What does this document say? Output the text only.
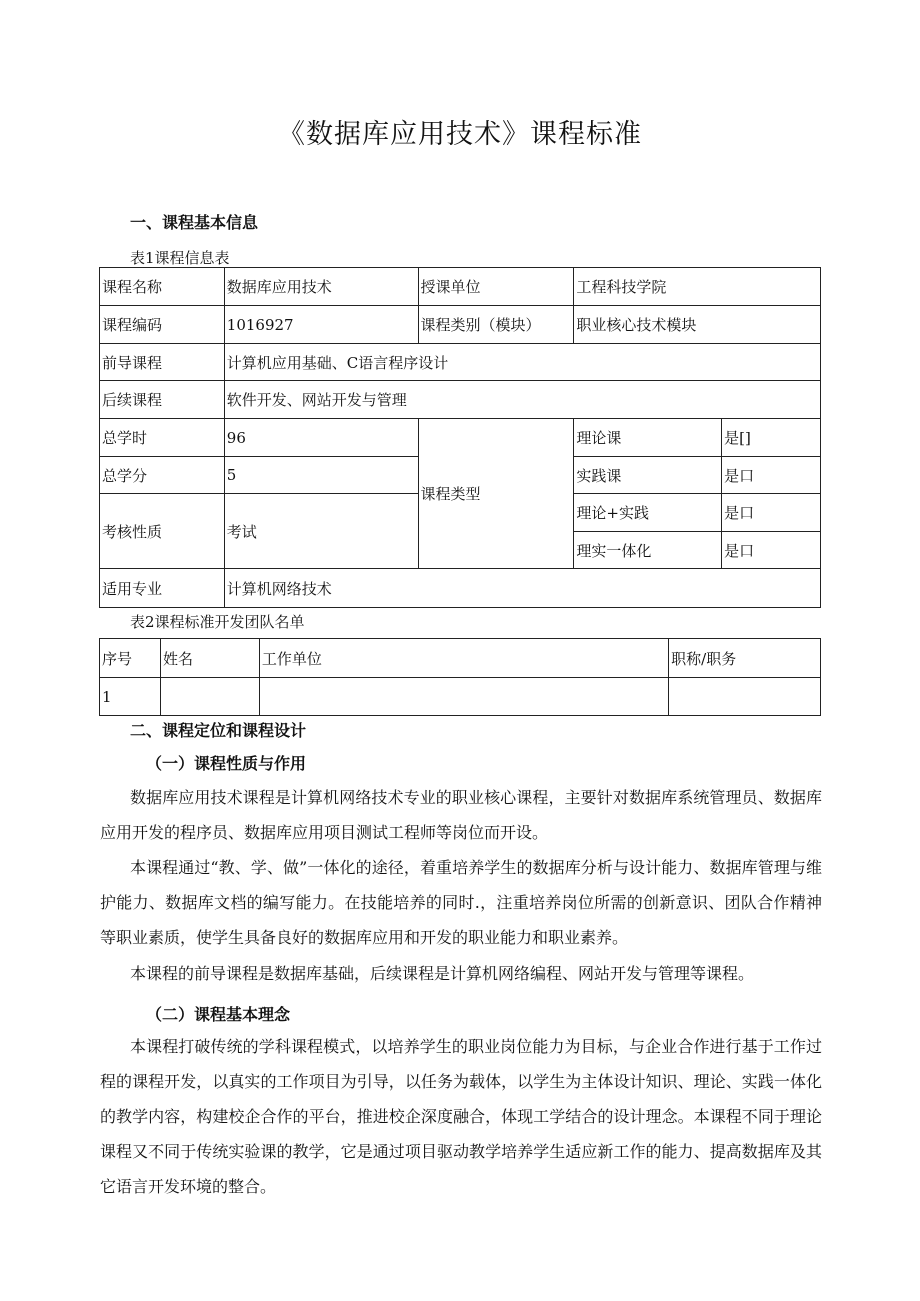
《数据库应用技术》课程标准
一、课程基本信息
表1课程信息表
课程名称	数据库应用技术	授课单位	工程科技学院	
课程编码	1016927	课程类别（模块）	职业核心技术模块	
前导课程	计算机应用基础、C语言程序设计			
后续课程	软件开发、网站开发与管理			
总学时	96	课程类型	理论课	是[]
总学分	5		实践课	是口
考核性质	考试		理论+实践	是口
			理实一体化	是口
适用专业	计算机网络技术			
表2课程标准开发团队名单
序号	姓名	工作单位	职称/职务
1			
二、课程定位和课程设计
（一）课程性质与作用

数据库应用技术课程是计算机网络技术专业的职业核心课程，主要针对数据库系统管理员、数据库应用开发的程序员、数据库应用项目测试工程师等岗位而开设。

本课程通过“教、学、做”一体化的途径，着重培养学生的数据库分析与设计能力、数据库管理与维护能力、数据库文档的编写能力。在技能培养的同时.，注重培养岗位所需的创新意识、团队合作精神等职业素质，使学生具备良好的数据库应用和开发的职业能力和职业素养。

本课程的前导课程是数据库基础，后续课程是计算机网络编程、网站开发与管理等课程。

（二）课程基本理念

本课程打破传统的学科课程模式，以培养学生的职业岗位能力为目标，与企业合作进行基于工作过程的课程开发，以真实的工作项目为引导，以任务为载体，以学生为主体设计知识、理论、实践一体化的教学内容，构建校企合作的平台，推进校企深度融合，体现工学结合的设计理念。本课程不同于理论课程又不同于传统实验课的教学，它是通过项目驱动教学培养学生适应新工作的能力、提高数据库及其它语言开发环境的整合。
